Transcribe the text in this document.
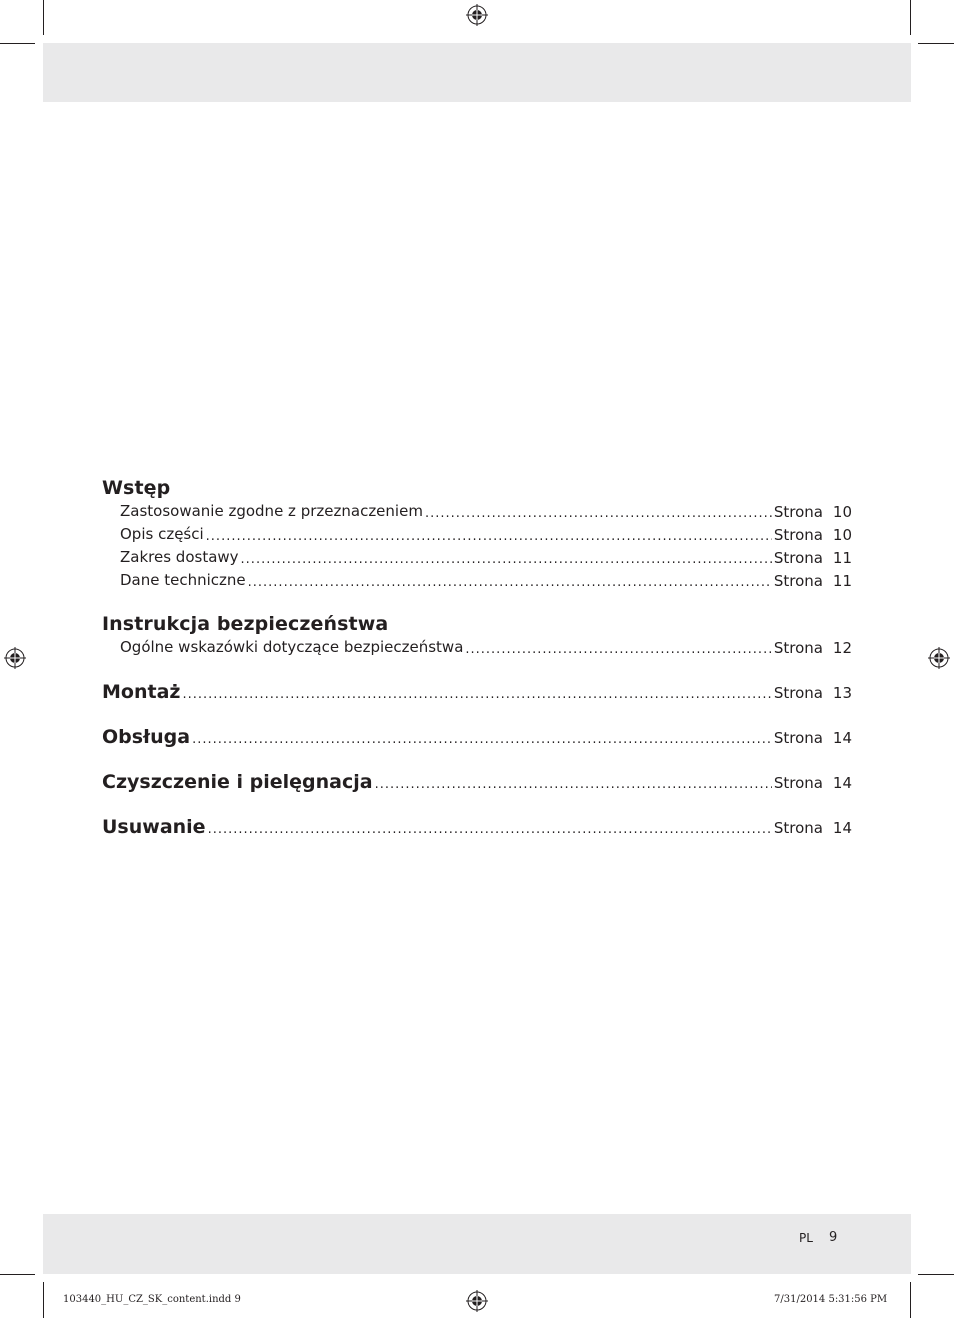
Wstęp
Zastosowanie zgodne z przeznaczeniem .....	Strona 10
Opis części .....	Strona 10
Zakres dostawy .....	Strona 11
Dane techniczne .....	Strona 11
Instrukcja bezpieczeństwa
Ogólne wskazówki dotyczące bezpieczeństwa .....	Strona 12
Montaż .....	Strona 13
Obsługa .....	Strona 14
Czyszczenie i pielęgnacja .....	Strona 14
Usuwanie .....	Strona 14
PL 9
103440_HU_CZ_SK_content.indd 9	7/31/2014 5:31:56 PM
